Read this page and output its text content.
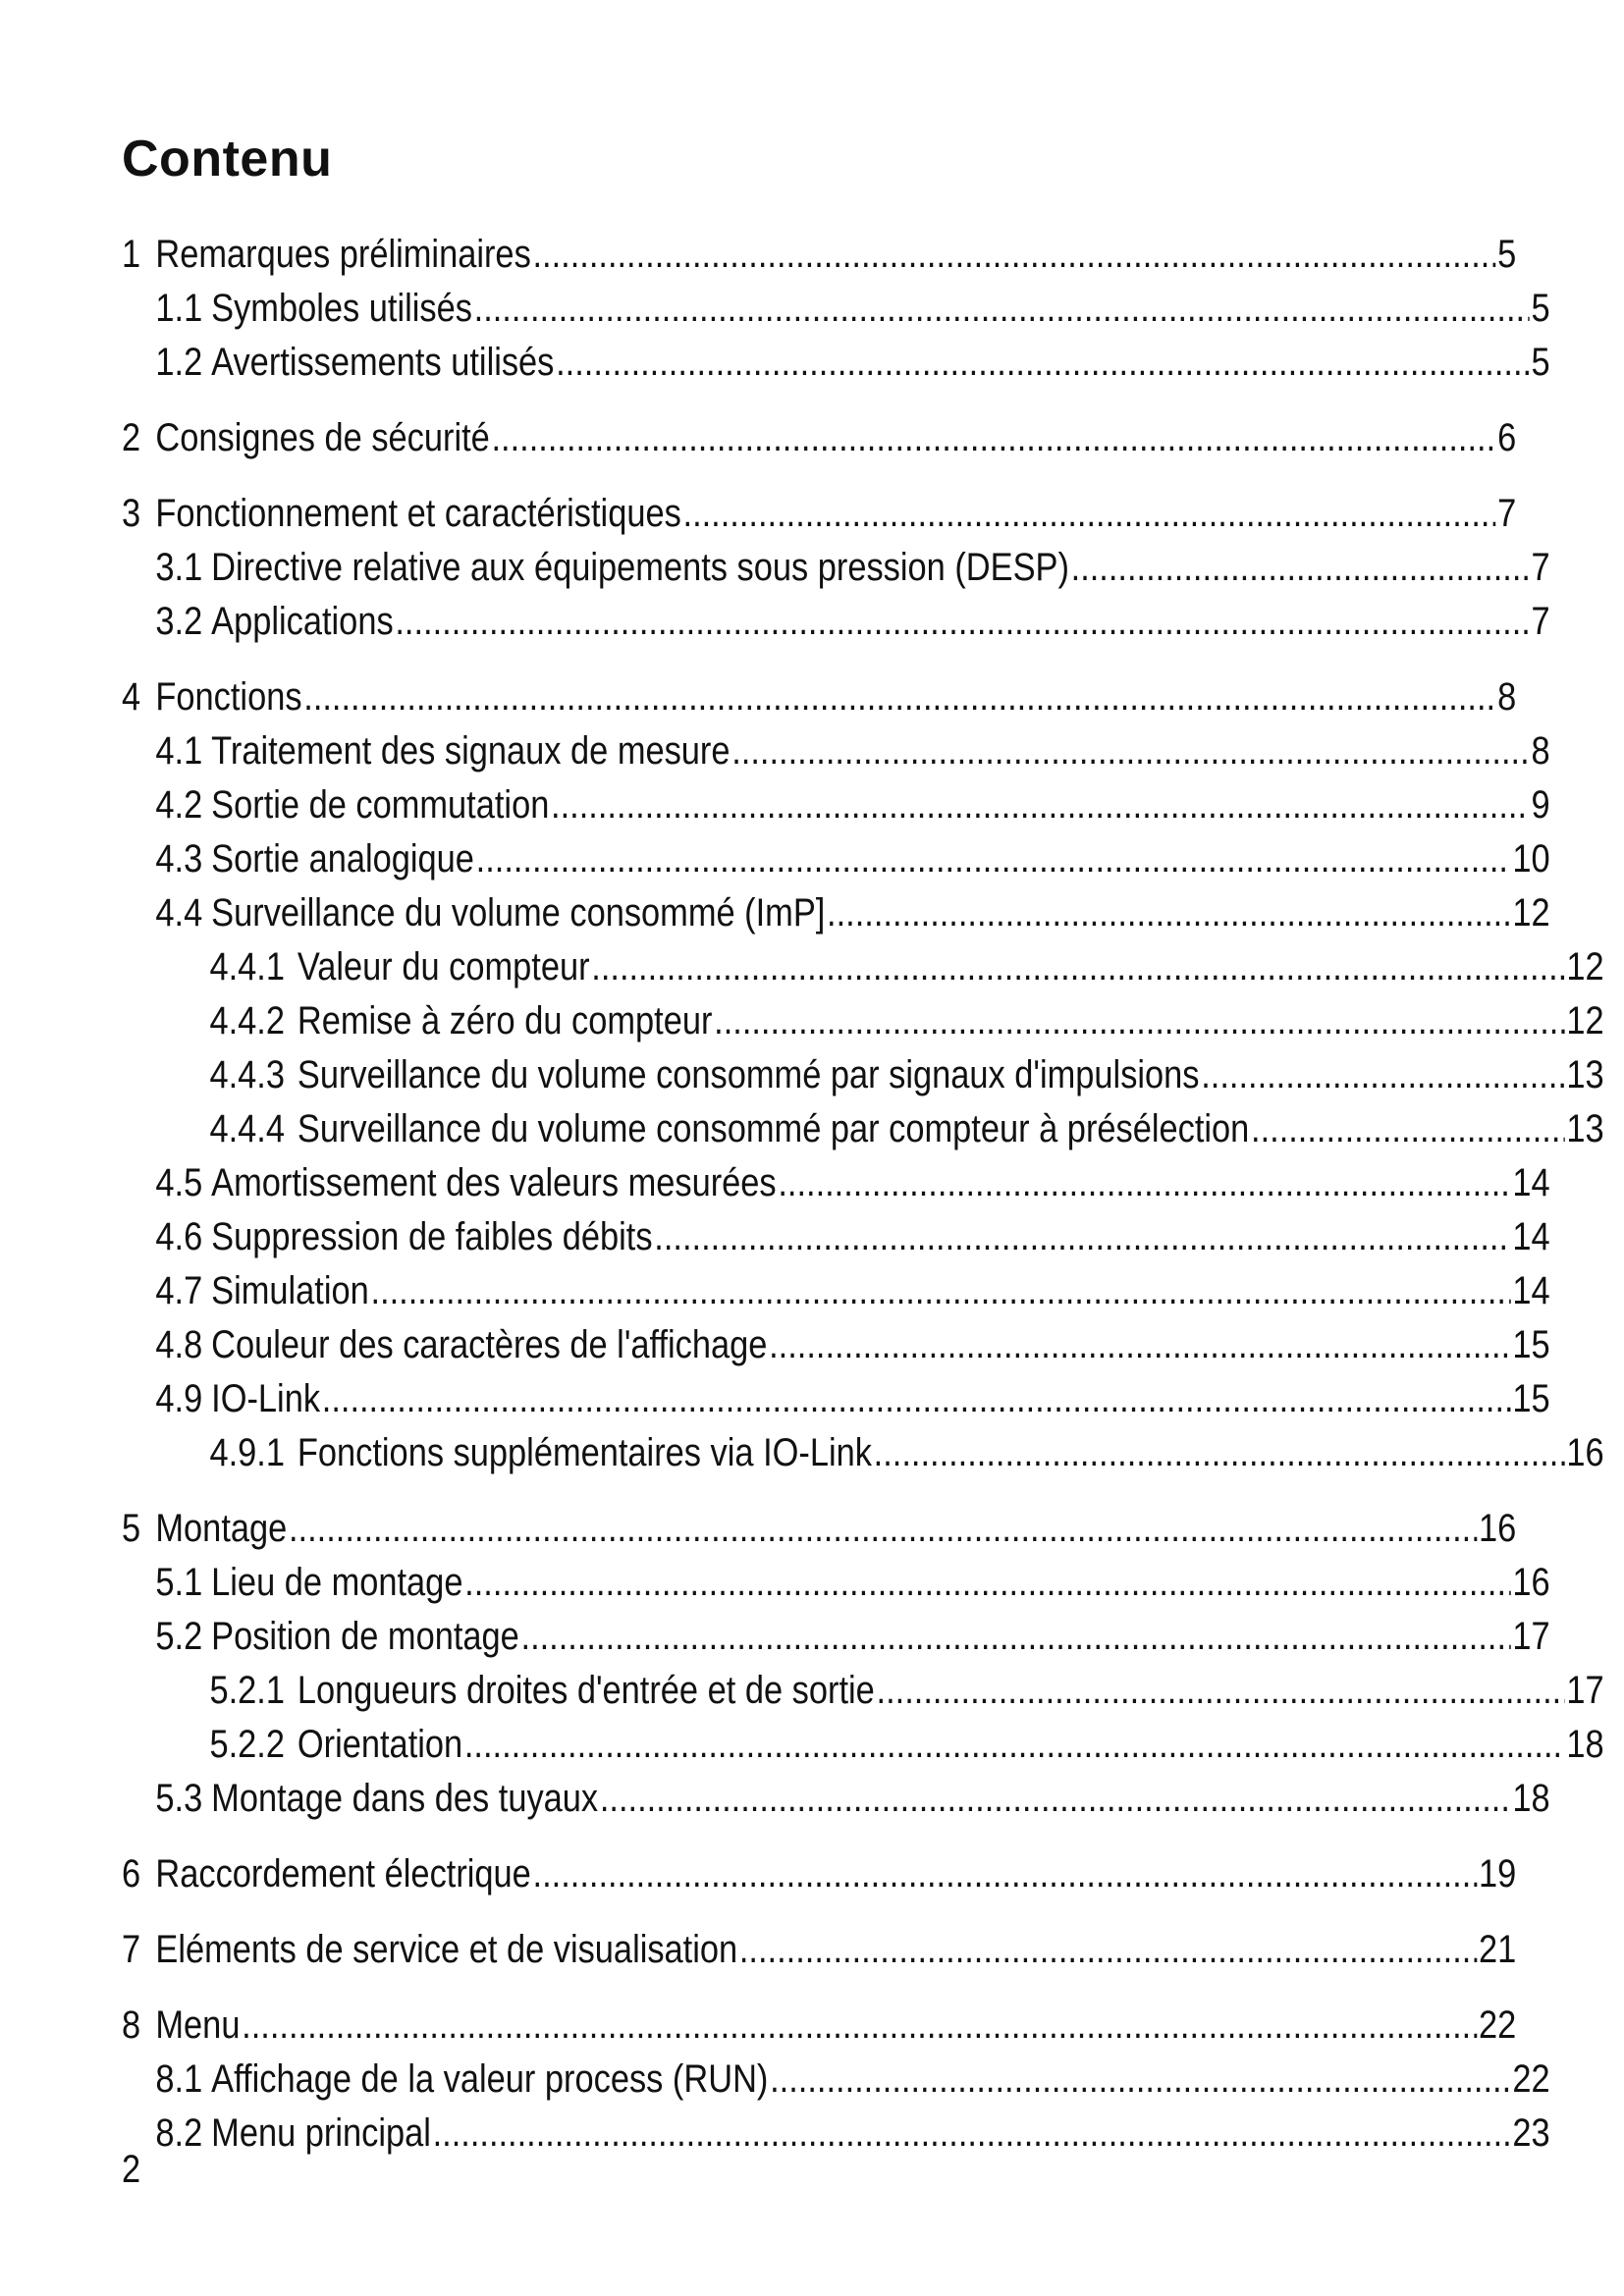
Contenu
1 Remarques préliminaires .....	5
1.1 Symboles utilisés .....	5
1.2 Avertissements utilisés .....	5
2 Consignes de sécurité .....	6
3 Fonctionnement et caractéristiques .....	7
3.1 Directive relative aux équipements sous pression (DESP) .....	7
3.2 Applications .....	7
4 Fonctions .....	8
4.1 Traitement des signaux de mesure .....	8
4.2 Sortie de commutation .....	9
4.3 Sortie analogique .....	10
4.4 Surveillance du volume consommé (ImP] .....	12
4.4.1 Valeur du compteur .....	12
4.4.2 Remise à zéro du compteur .....	12
4.4.3 Surveillance du volume consommé par signaux d'impulsions .....	13
4.4.4 Surveillance du volume consommé par compteur à présélection .....	13
4.5 Amortissement des valeurs mesurées .....	14
4.6 Suppression de faibles débits .....	14
4.7 Simulation .....	14
4.8 Couleur des caractères de l'affichage .....	15
4.9 IO-Link .....	15
4.9.1 Fonctions supplémentaires via IO-Link .....	16
5 Montage .....	16
5.1 Lieu de montage .....	16
5.2 Position de montage .....	17
5.2.1 Longueurs droites d'entrée et de sortie .....	17
5.2.2 Orientation .....	18
5.3 Montage dans des tuyaux .....	18
6 Raccordement électrique .....	19
7 Eléments de service et de visualisation .....	21
8 Menu .....	22
8.1 Affichage de la valeur process (RUN) .....	22
8.2 Menu principal .....	23
2
